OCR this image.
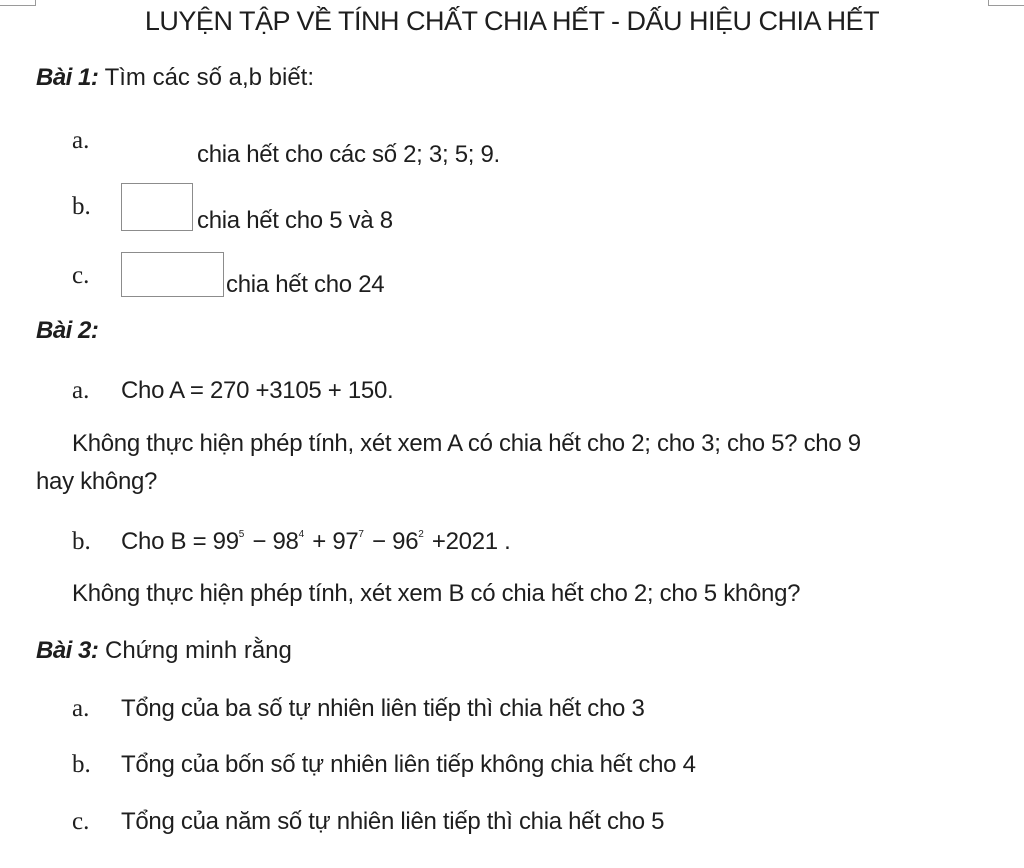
LUYỆN TẬP VỀ TÍNH CHẤT CHIA HẾT - DẤU HIỆU CHIA HẾT
Bài 1: Tìm các số a,b biết:
a.
chia hết cho các số 2; 3; 5; 9.
b.
chia hết cho 5 và 8
c.	chia hết cho 24
Bài 2:
a. Cho A = 270 +3105 + 150.
Không thực hiện phép tính, xét xem A có chia hết cho 2; cho 3; cho 5? cho 9
hay không?
b. Cho $B = 99^5 - 98^4 + 97^7 - 96^2 +2021$ .
Không thực hiện phép tính, xét xem B có chia hết cho 2; cho 5 không?
Bài 3: Chứng minh rằng
a. Tổng của ba số tự nhiên liên tiếp thì chia hết cho 3
b. Tổng của bốn số tự nhiên liên tiếp không chia hết cho 4
c. Tổng của năm số tự nhiên liên tiếp thì chia hết cho 5
